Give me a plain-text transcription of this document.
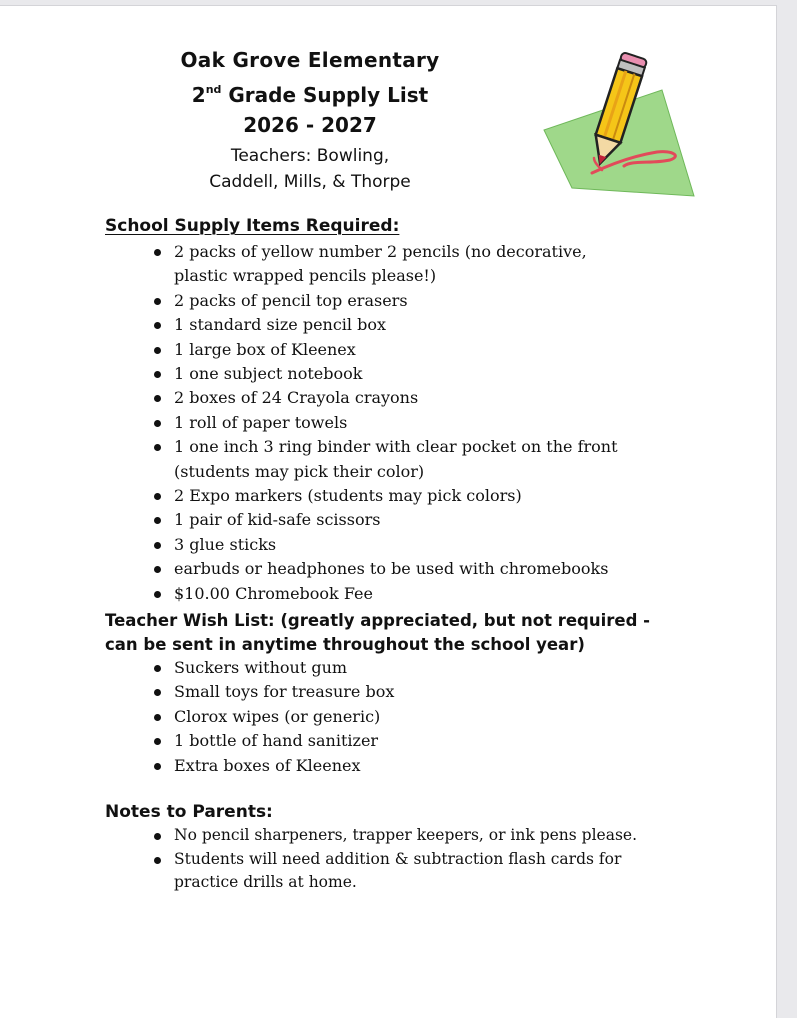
Oak Grove Elementary
2nd Grade Supply List
2026 - 2027
Teachers: Bowling,
Caddell, Mills, & Thorpe
School Supply Items Required:
2 packs of yellow number 2 pencils (no decorative,
plastic wrapped pencils please!)
2 packs of pencil top erasers
1 standard size pencil box
1 large box of Kleenex
1 one subject notebook
2 boxes of 24 Crayola crayons
1 roll of paper towels
1 one inch 3 ring binder with clear pocket on the front
(students may pick their color)
2 Expo markers (students may pick colors)
1 pair of kid-safe scissors
3 glue sticks
earbuds or headphones to be used with chromebooks
$10.00 Chromebook Fee
Teacher Wish List: (greatly appreciated, but not required -
can be sent in anytime throughout the school year)
Suckers without gum
Small toys for treasure box
Clorox wipes (or generic)
1 bottle of hand sanitizer
Extra boxes of Kleenex
Notes to Parents:
No pencil sharpeners, trapper keepers, or ink pens please.
Students will need addition & subtraction flash cards for
practice drills at home.
